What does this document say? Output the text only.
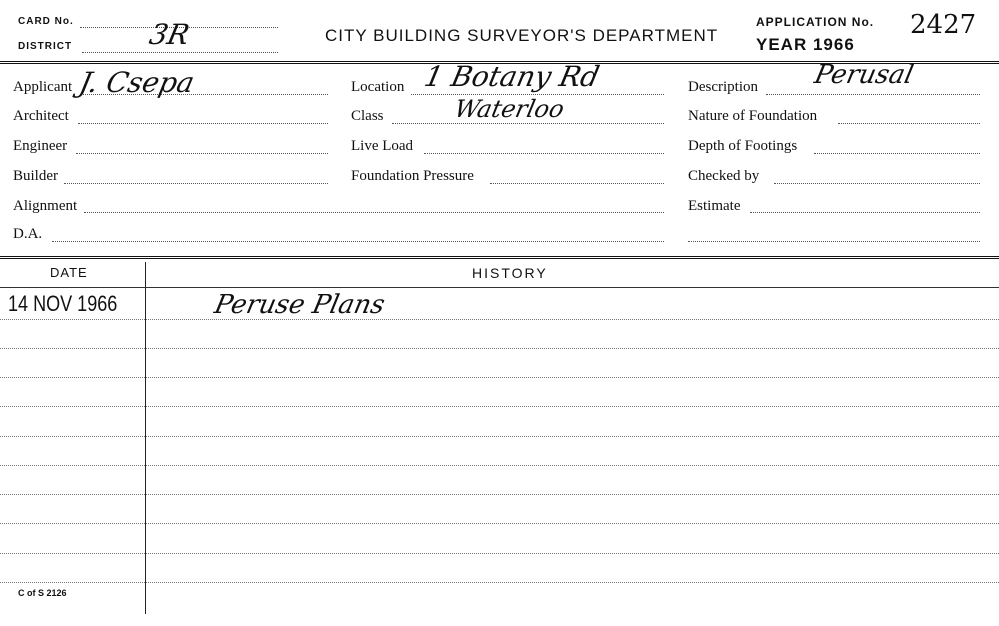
CARD No.
DISTRICT	3R	CITY BUILDING SURVEYOR'S DEPARTMENT
APPLICATION No. 2427
YEAR 1966
Applicant J. Csepa
Architect
Engineer
Builder
Alignment
D.A.
Location 1 Botany Rd
Class	Waterloo
Live Load
Foundation Pressure
Description Perusal
Nature of Foundation
Depth of Footings
Checked by
Estimate
DATE	HISTORY
14 NOV 1966	Peruse Plans
C of S 2126
